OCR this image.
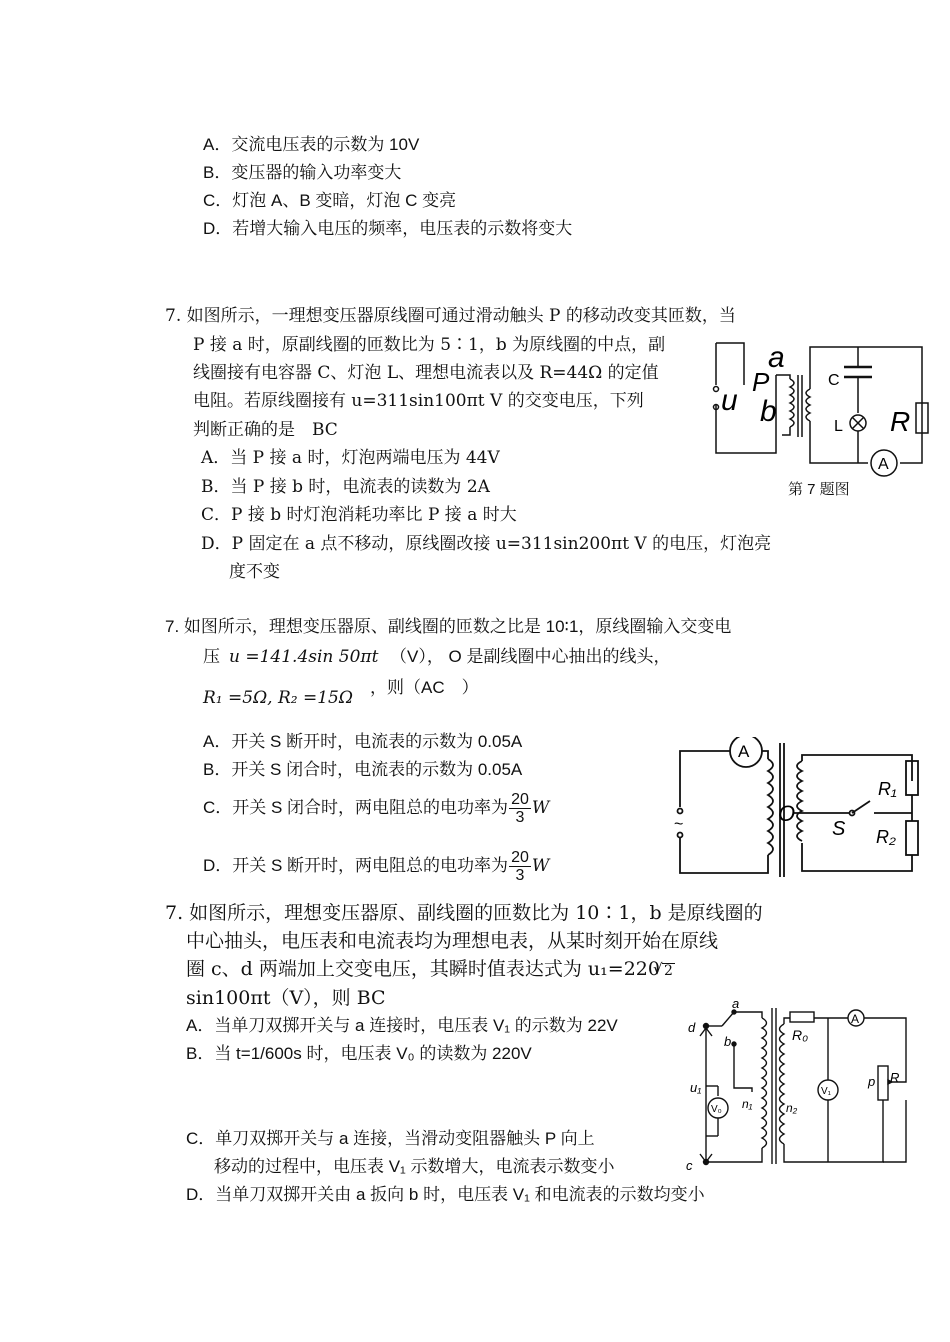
A．交流电压表的示数为 10V
B．变压器的输入功率变大
C．灯泡 A、B 变暗，灯泡 C 变亮
D．若增大输入电压的频率，电压表的示数将变大
7. 如图所示，一理想变压器原线圈可通过滑动触头 P 的移动改变其匝数，当
P 接 a 时，原副线圈的匝数比为 5∶1，b 为原线圈的中点，副
线圈接有电容器 C、灯泡 L、理想电流表以及 R=44Ω 的定值
电阻。若原线圈接有 u=311sin100πt V 的交变电压，下列
判断正确的是　BC
A．当 P 接 a 时，灯泡两端电压为 44V
B．当 P 接 b 时，电流表的读数为 2A
C．P 接 b 时灯泡消耗功率比 P 接 a 时大
D．P 固定在 a 点不移动，原线圈改接 u=311sin200πt V 的电压，灯泡亮
度不变
a
P
u b
C
L R
A
第 7 题图
7. 如图所示，理想变压器原、副线圈的匝数之比是 10∶1，原线圈输入交变电
压 u =141.4sin 50πt （V）， O 是副线圈中心抽出的线头，
R₁ =5Ω, R₂ =15Ω
，则（AC　）
A．开关 S 断开时，电流表的示数为 0.05A
B．开关 S 闭合时，电流表的示数为 0.05A
C．开关 S 闭合时，两电阻总的电功率为 $\frac{20}{3}$ W
D．开关 S 断开时，两电阻总的电功率为 $\frac{20}{3}$ W
A
O
S
R₁
R₂
~
7. 如图所示，理想变压器原、副线圈的匝数比为 10∶1，b 是原线圈的
中心抽头，电压表和电流表均为理想电表，从某时刻开始在原线
圈 c、d 两端加上交变电压，其瞬时值表达式为 u₁=220√ 2
sin100πt（V），则 BC
A．当单刀双掷开关与 a 连接时，电压表 V₁ 的示数为 22V
B．当 t=1/600s 时，电压表 V₀ 的读数为 220V
C．单刀双掷开关与 a 连接，当滑动变阻器触头 P 向上
移动的过程中，电压表 V₁ 示数增大，电流表示数变小
D．当单刀双掷开关由 a 扳向 b 时，电压表 V₁ 和电流表的示数均变小
a
b
c
d
u₁
V₀ n₁	n₂
R₀
A
V₁
p R
